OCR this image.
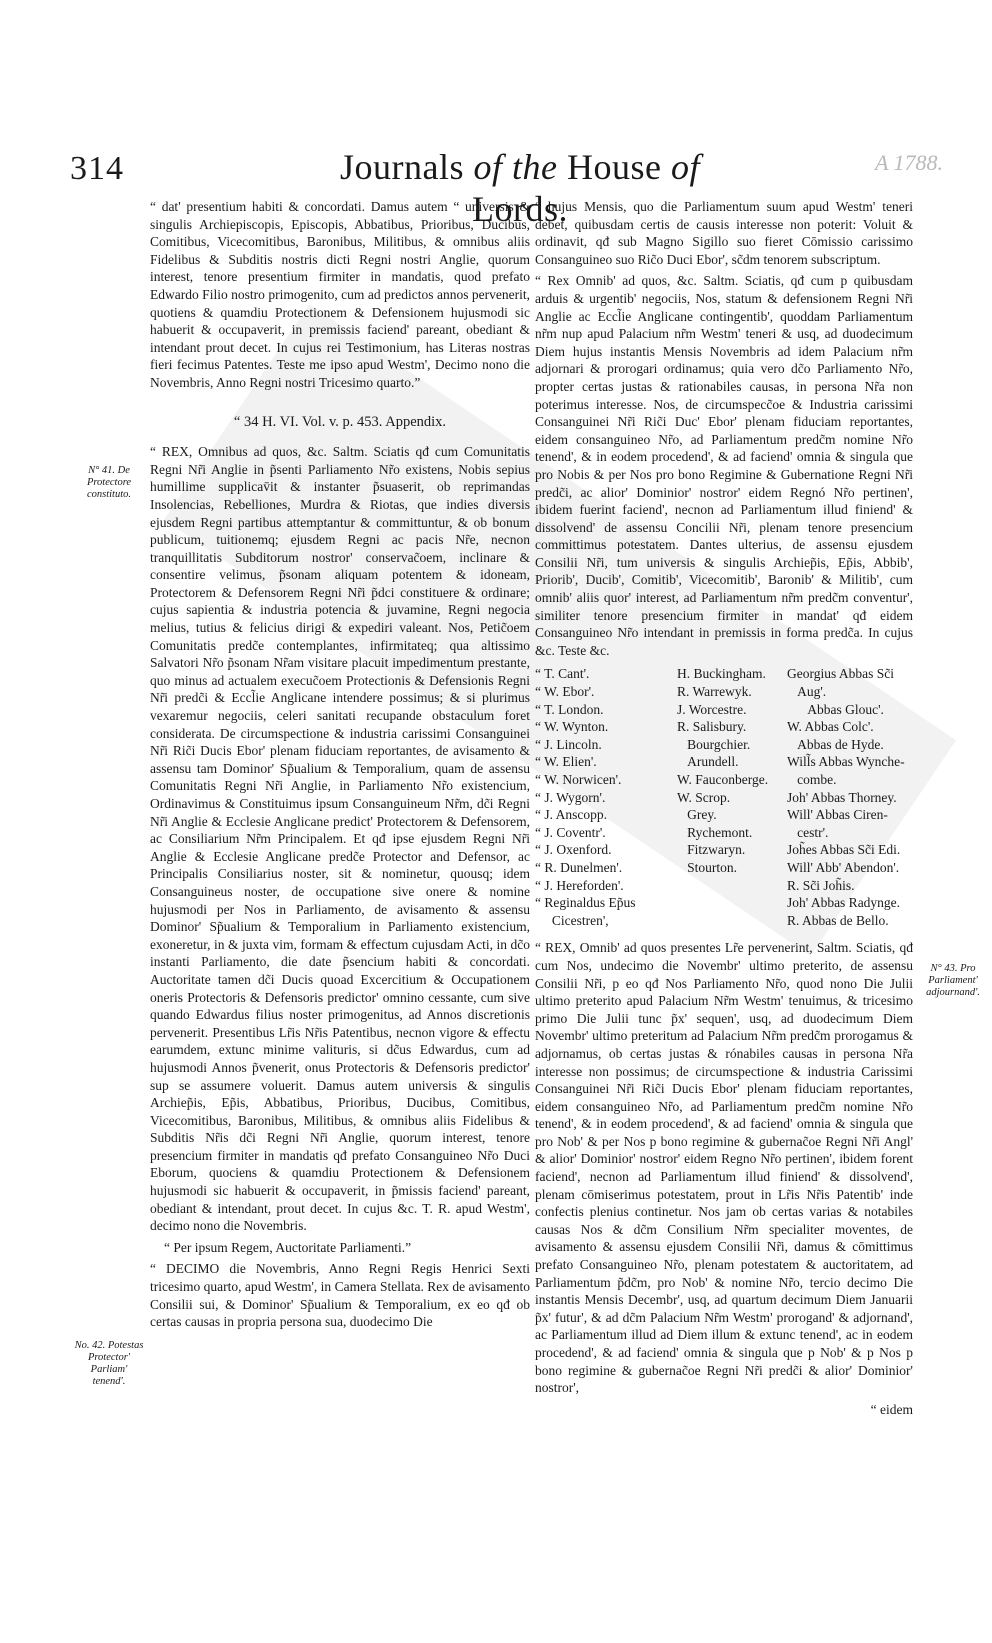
314	Journals of the House of Lords.
A 1788.
N° 41. De Protectore constituto.
No. 42. Potestas Protector' Parliam' tenend'.
N° 43. Pro Parliament' adjournand'.

“ dat' presentium habiti & concordati. Damus autem “ universis & singulis Archiepiscopis, Episcopis, Abbatibus, Prioribus, Ducibus, Comitibus, Vicecomitibus, Baronibus, Militibus, & omnibus aliis Fidelibus & Subditis nostris dicti Regni nostri Anglie, quorum interest, tenore presentium firmiter in mandatis, quod prefato Edwardo Filio nostro primogenito, cum ad predictos annos pervenerit, quotiens & quamdiu Protectionem & Defensionem hujusmodi sic habuerit & occupaverit, in premissis faciend' pareant, obediant & intendant prout decet. In cujus rei Testimonium, has Literas nostras fieri fecimus Patentes. Teste me ipso apud Westm', Decimo nono die Novembris, Anno Regni nostri Tricesimo quarto.”

“ 34 H. VI. Vol. v. p. 453. Appendix.

“ REX, Omnibus ad quos, &c. Saltm. Sciatis qđ cum Comunitatis Regni Nr̃i Anglie in p̃senti Parliamento Nr̃o existens, Nobis sepius humillime supplicav̄it & instanter p̃suaserit, ob reprimandas Insolencias, Rebelliones, Murdra & Riotas, que indies diversis ejusdem Regni partibus attemptantur & committuntur, & ob bonum publicum, tuitionemq; ejusdem Regni ac pacis Nr̃e, necnon tranquillitatis Subditorum nostror' conservac̃oem, inclinare & consentire velimus, p̃sonam aliquam potentem & idoneam, Protectorem & Defensorem Regni Nr̃i p̃dci constituere & ordinare; cujus sapientia & industria potencia & juvamine, Regni negocia melius, tutius & felicius dirigi & expediri valeant. Nos, Petic̃oem Comunitatis predc̃e contemplantes, infirmitateq; qua altissimo Salvatori Nr̃o p̃sonam Nr̃am visitare placuit impedimentum prestante, quo minus ad actualem execuc̃oem Protectionis & Defensionis Regni Nr̃i predc̃i & Eccl̃ie Anglicane intendere possimus; & si plurimus vexaremur negociis, celeri sanitati recupande obstaculum foret considerata. De circumspectione & industria carissimi Consanguinei Nr̃i Ric̃i Ducis Ebor' plenam fiduciam reportantes, de avisamento & assensu tam Dominor' Sp̃ualium & Temporalium, quam de assensu Comunitatis Regni Nr̃i Anglie, in Parliamento Nr̃o existencium, Ordinavimus & Constituimus ipsum Consanguineum Nr̃m, dc̃i Regni Nr̃i Anglie & Ecclesie Anglicane predict' Protectorem & Defensorem, ac Consiliarium Nr̃m Principalem. Et qđ ipse ejusdem Regni Nr̃i Anglie & Ecclesie Anglicane predc̃e Protector and Defensor, ac Principalis Consiliarius noster, sit & nominetur, quousq; idem Consanguineus noster, de occupatione sive onere & nomine hujusmodi per Nos in Parliamento, de avisamento & assensu Dominor' Sp̃ualium & Temporalium in Parliamento existencium, exoneretur, in & juxta vim, formam & effectum cujusdam Acti, in dc̃o instanti Parliamento, die date p̃sencium habiti & concordati. Auctoritate tamen dc̃i Ducis quoad Excercitium & Occupationem oneris Protectoris & Defensoris predictor' omnino cessante, cum sive quando Edwardus filius noster primogenitus, ad Annos discretionis pervenerit. Presentibus Lr̃is Nr̃is Patentibus, necnon vigore & effectu earumdem, extunc minime valituris, si dc̃us Edwardus, cum ad hujusmodi Annos p̃venerit, onus Protectoris & Defensoris predictor' sup se assumere voluerit. Damus autem universis & singulis Archiep̃is, Ep̃is, Abbatibus, Prioribus, Ducibus, Comitibus, Vicecomitibus, Baronibus, Militibus, & omnibus aliis Fidelibus & Subditis Nr̃is dc̃i Regni Nr̃i Anglie, quorum interest, tenore presencium firmiter in mandatis qđ prefato Consanguineo Nr̃o Duci Eborum, quociens & quamdiu Protectionem & Defensionem hujusmodi sic habuerit & occupaverit, in p̃missis faciend' pareant, obediant & intendant, prout decet. In cujus &c. T. R. apud Westm', decimo nono die Novembris.

“ Per ipsum Regem, Auctoritate Parliamenti.”

“ DECIMO die Novembris, Anno Regni Regis Henrici Sexti tricesimo quarto, apud Westm', in Camera Stellata. Rex de avisamento Consilii sui, & Dominor' Sp̃ualium & Temporalium, ex eo qđ ob certas causas in propria persona sua, duodecimo Die

“ hujus Mensis, quo die Parliamentum suum apud Westm' teneri debet, quibusdam certis de causis interesse non poterit: Voluit & ordinavit, qđ sub Magno Sigillo suo fieret Cōmissio carissimo Consanguineo suo Ric̃o Duci Ebor', sc̃dm tenorem subscriptum.

“ Rex Omnib' ad quos, &c. Saltm. Sciatis, qđ cum p quibusdam arduis & urgentib' negociis, Nos, statum & defensionem Regni Nr̃i Anglie ac Eccl̃ie Anglicane contingentib', quoddam Parliamentum nr̃m nup apud Palacium nr̃m Westm' teneri & usq, ad duodecimum Diem hujus instantis Mensis Novembris ad idem Palacium nr̃m adjornari & prorogari ordinamus; quia vero dc̃o Parliamento Nr̃o, propter certas justas & rationabiles causas, in persona Nr̃a non poterimus interesse. Nos, de circumspecc̃oe & Industria carissimi Consanguinei Nr̃i Ric̃i Duc' Ebor' plenam fiduciam reportantes, eidem consanguineo Nr̃o, ad Parliamentum predc̃m nomine Nr̃o tenend', & in eodem procedend', & ad faciend' omnia & singula que pro Nobis & per Nos pro bono Regimine & Gubernatione Regni Nr̃i predc̃i, ac alior' Dominior' nostror' eidem Regnó Nr̃o pertinen', ibidem fuerint faciend', necnon ad Parliamentum illud finiend' & dissolvend' de assensu Concilii Nr̃i, plenam tenore presencium committimus potestatem. Dantes ulterius, de assensu ejusdem Consilii Nr̃i, tum universis & singulis Archiep̃is, Ep̃is, Abbib', Priorib', Ducib', Comitib', Vicecomitib', Baronib' & Militib', cum omnib' aliis quor' interest, ad Parliamentum nr̃m predc̃m conventur', similiter tenore presencium firmiter in mandat' qđ eidem Consanguineo Nr̃o intendant in premissis in forma predc̃a. In cujus &c. Teste &c.

“ T. Cant'.
“ W. Ebor'.
“ T. London.
“ W. Wynton.
“ J. Lincoln.
“ W. Elien'.
“ W. Norwicen'.
“ J. Wygorn'.
“ J. Anscopp.
“ J. Coventr'.
“ J. Oxenford.
“ R. Dunelmen'.
“ J. Hereforden'.
“ Reginaldus Ep̃us
Cicestren',
H. Buckingham.
R. Warrewyk.
J. Worcestre.
R. Salisbury.
Bourgchier.
Arundell.
W. Fauconberge.
W. Scrop.
Grey.
Rychemont.
Fitzwaryn.
Stourton.
Georgius Abbas Sc̃i
Aug'.
Abbas Glouc'.
W. Abbas Colc'.
Abbas de Hyde.
Will̃s Abbas Wynche-
combe.
Joh' Abbas Thorney.
Will' Abbas Ciren-
cestr'.
Joh̃es Abbas Sc̃i Edi.
Will' Abb' Abendon'.
R. Sc̃i Joh̃is.
Joh' Abbas Radynge.
R. Abbas de Bello.

“ REX, Omnib' ad quos presentes Lr̃e pervenerint, Saltm. Sciatis, qđ cum Nos, undecimo die Novembr' ultimo preterito, de assensu Consilii Nr̃i, p eo qđ Nos Parliamento Nr̃o, quod nono Die Julii ultimo preterito apud Palacium Nr̃m Westm' tenuimus, & tricesimo primo Die Julii tunc p̃x' sequen', usq, ad duodecimum Diem Novembr' ultimo preteritum ad Palacium Nr̃m predc̃m prorogamus & adjornamus, ob certas justas & rónabiles causas in persona Nr̃a interesse non possimus; de circumspectione & industria Carissimi Consanguinei Nr̃i Ric̃i Ducis Ebor' plenam fiduciam reportantes, eidem consanguineo Nr̃o, ad Parliamentum predc̃m nomine Nr̃o tenend', & in eodem procedend', & ad faciend' omnia & singula que pro Nob' & per Nos p bono regimine & gubernac̃oe Regni Nr̃i Angl' & alior' Dominior' nostror' eidem Regno Nr̃o pertinen', ibidem forent faciend', necnon ad Parliamentum illud finiend' & dissolvend', plenam cōmiserimus potestatem, prout in Lr̃is Nr̃is Patentib' inde confectis plenius continetur. Nos jam ob certas varias & notabiles causas Nos & dc̃m Consilium Nr̃m specialiter moventes, de avisamento & assensu ejusdem Consilii Nr̃i, damus & cōmittimus prefato Consanguineo Nr̃o, plenam potestatem & auctoritatem, ad Parliamentum p̃dc̃m, pro Nob' & nomine Nr̃o, tercio decimo Die instantis Mensis Decembr', usq, ad quartum decimum Diem Januarii p̃x' futur', & ad dc̃m Palacium Nr̃m Westm' prorogand' & adjornand', ac Parliamentum illud ad Diem illum & extunc tenend', ac in eodem procedend', & ad faciend' omnia & singula que p Nob' & p Nos p bono regimine & gubernac̃oe Regni Nr̃i predc̃i & alior' Dominior' nostror',

“ eidem
